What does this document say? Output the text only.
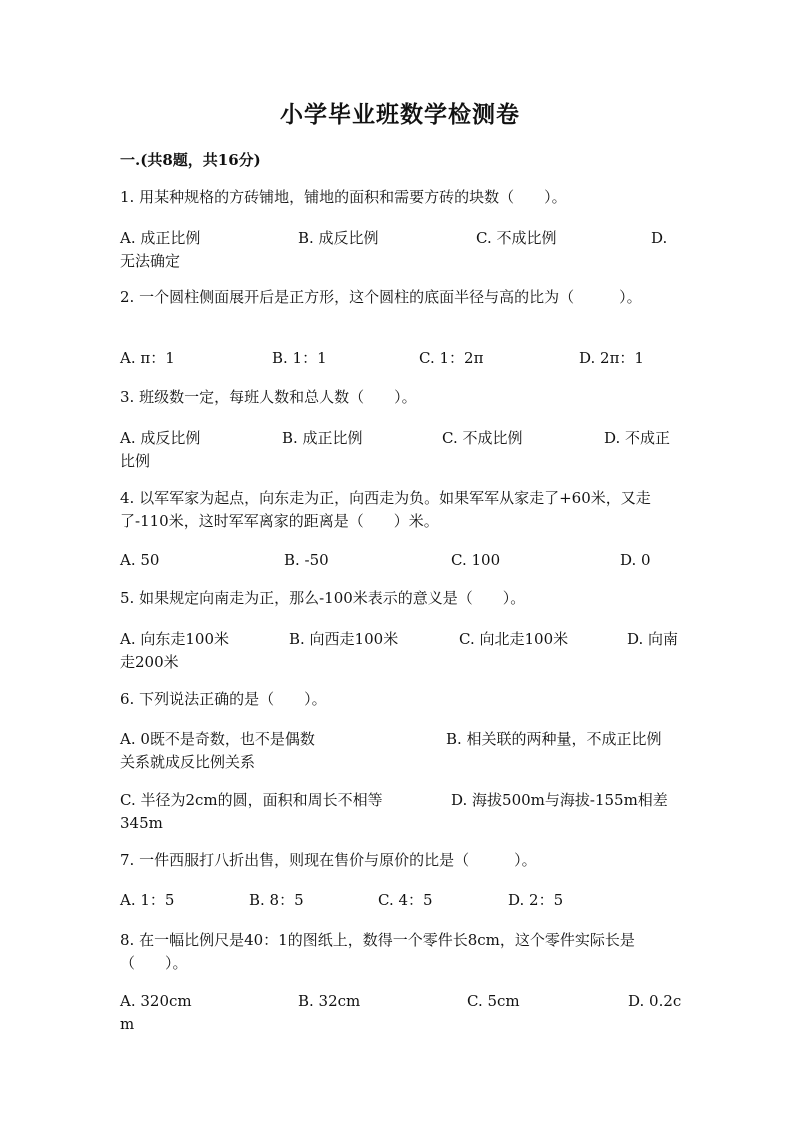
小学毕业班数学检测卷
一.(共8题，共16分)
1. 用某种规格的方砖铺地，铺地的面积和需要方砖的块数（　　）。
A. 成正比例	B. 成反比例	C. 不成比例	D.
无法确定
2. 一个圆柱侧面展开后是正方形，这个圆柱的底面半径与高的比为（　　　）。
A. π：1	B. 1：1	C. 1：2π	D. 2π：1
3. 班级数一定，每班人数和总人数（　　）。
A. 成反比例	B. 成正比例	C. 不成比例	D. 不成正
比例
4. 以军军家为起点，向东走为正，向西走为负。如果军军从家走了+60米，又走了-110米，这时军军离家的距离是（　　）米。
A. 50	B. -50	C. 100	D. 0
5. 如果规定向南走为正，那么-100米表示的意义是（　　）。
A. 向东走100米	B. 向西走100米	C. 向北走100米	D. 向南
走200米
6. 下列说法正确的是（　　）。
A. 0既不是奇数，也不是偶数	B. 相关联的两种量，不成正比例
关系就成反比例关系
C. 半径为2cm的圆，面积和周长不相等	D. 海拔500m与海拔-155m相差
345m
7. 一件西服打八折出售，则现在售价与原价的比是（　　　）。
A. 1：5	B. 8：5	C. 4：5	D. 2：5
8. 在一幅比例尺是40：1的图纸上，数得一个零件长8cm，这个零件实际长是（　　）。
A. 320cm	B. 32cm	C. 5cm	D. 0.2c
m
